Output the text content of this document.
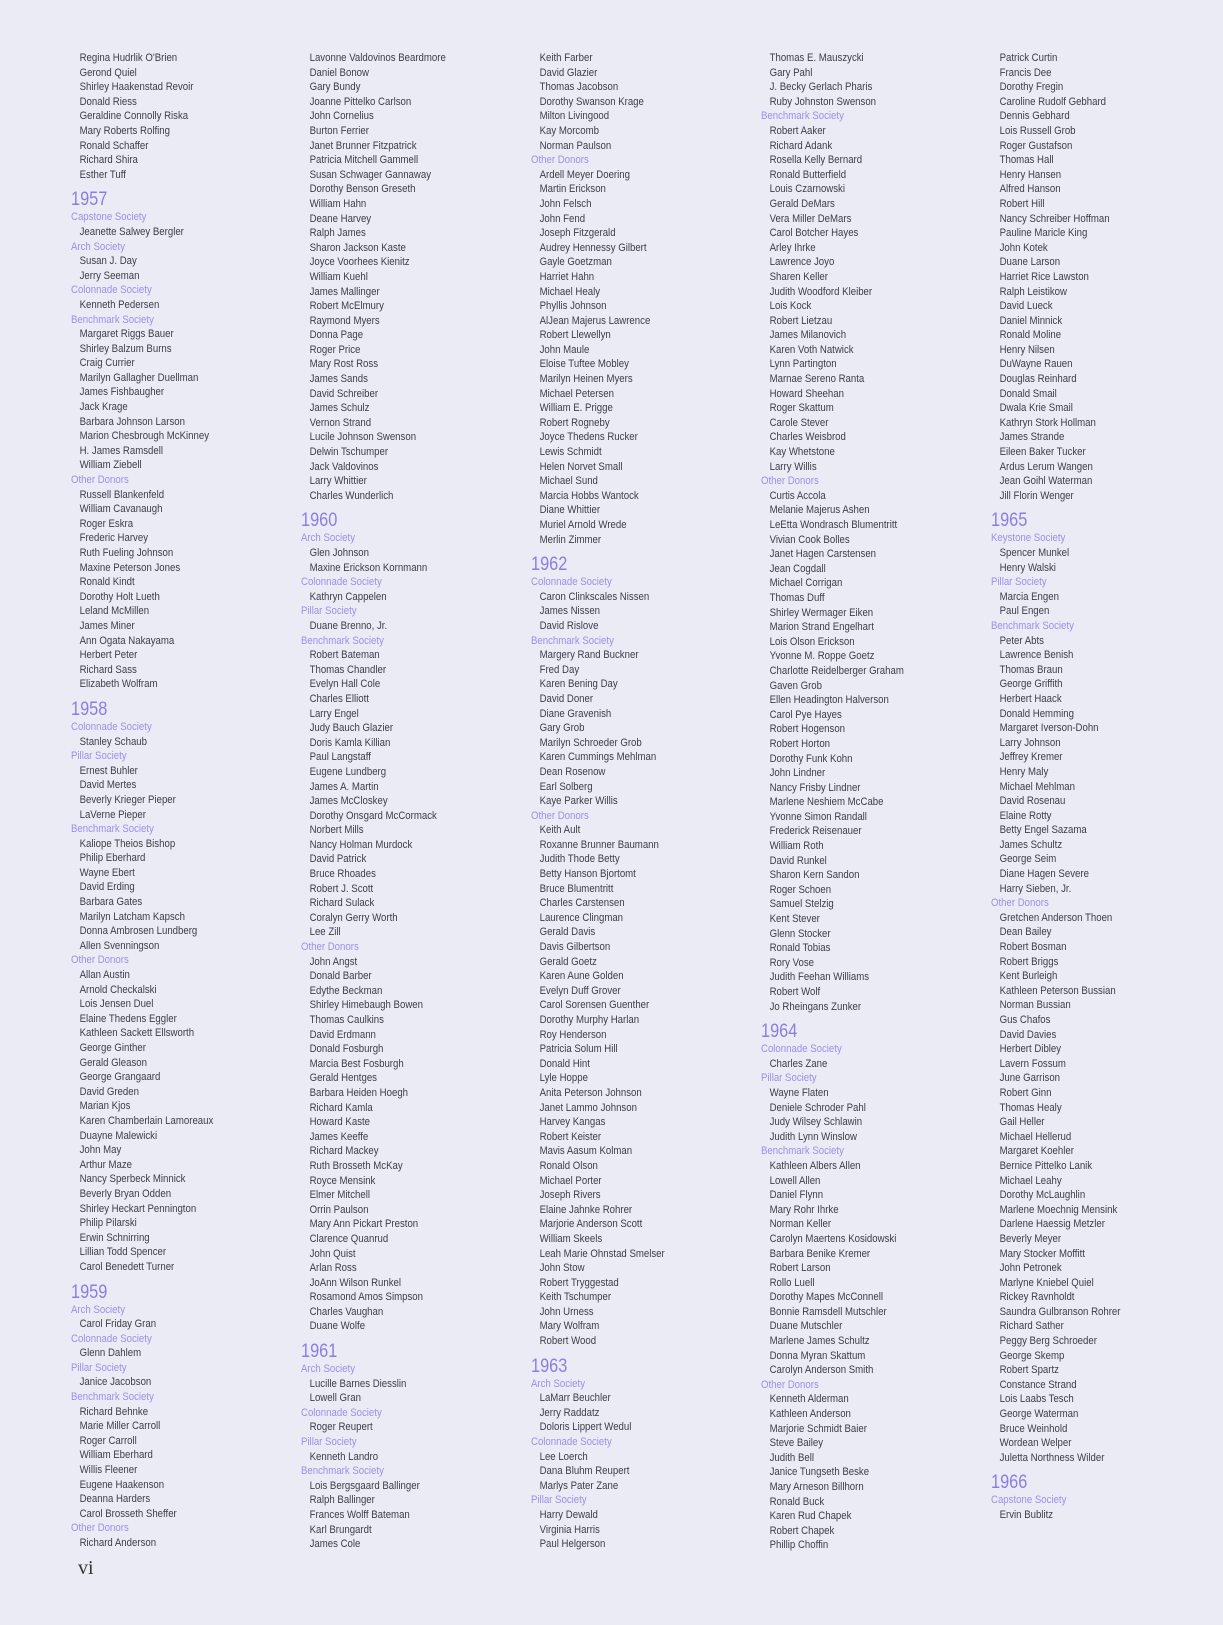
Regina Hudrlik O'Brien
Gerond Quiel
Shirley Haakenstad Revoir
Donald Riess
Geraldine Connolly Riska
Mary Roberts Rolfing
Ronald Schaffer
Richard Shira
Esther Tuff
1957
Capstone Society
Jeanette Salwey Bergler
Arch Society
Susan J. Day
Jerry Seeman
Colonnade Society
Kenneth Pedersen
Benchmark Society
Margaret Riggs Bauer
Shirley Balzum Burns
Craig Currier
Marilyn Gallagher Duellman
James Fishbaugher
Jack Krage
Barbara Johnson Larson
Marion Chesbrough McKinney
H. James Ramsdell
William Ziebell
Other Donors
Russell Blankenfeld
William Cavanaugh
Roger Eskra
Frederic Harvey
Ruth Fueling Johnson
Maxine Peterson Jones
Ronald Kindt
Dorothy Holt Lueth
Leland McMillen
James Miner
Ann Ogata Nakayama
Herbert Peter
Richard Sass
Elizabeth Wolfram
1958
Colonnade Society
Stanley Schaub
Pillar Society
Ernest Buhler
David Mertes
Beverly Krieger Pieper
LaVerne Pieper
Benchmark Society
Kaliope Theios Bishop
Philip Eberhard
Wayne Ebert
David Erding
Barbara Gates
Marilyn Latcham Kapsch
Donna Ambrosen Lundberg
Allen Svenningson
Other Donors
Allan Austin
Arnold Checkalski
Lois Jensen Duel
Elaine Thedens Eggler
Kathleen Sackett Ellsworth
George Ginther
Gerald Gleason
George Grangaard
David Greden
Marian Kjos
Karen Chamberlain Lamoreaux
Duayne Malewicki
John May
Arthur Maze
Nancy Sperbeck Minnick
Beverly Bryan Odden
Shirley Heckart Pennington
Philip Pilarski
Erwin Schnirring
Lillian Todd Spencer
Carol Benedett Turner
1959
Arch Society
Carol Friday Gran
Colonnade Society
Glenn Dahlem
Pillar Society
Janice Jacobson
Benchmark Society
Richard Behnke
Marie Miller Carroll
Roger Carroll
William Eberhard
Willis Fleener
Eugene Haakenson
Deanna Harders
Carol Brosseth Sheffer
Other Donors
Richard Anderson
Lavonne Valdovinos Beardmore
Daniel Bonow
Gary Bundy
Joanne Pittelko Carlson
John Cornelius
Burton Ferrier
Janet Brunner Fitzpatrick
Patricia Mitchell Gammell
Susan Schwager Gannaway
Dorothy Benson Greseth
William Hahn
Deane Harvey
Ralph James
Sharon Jackson Kaste
Joyce Voorhees Kienitz
William Kuehl
James Mallinger
Robert McElmury
Raymond Myers
Donna Page
Roger Price
Mary Rost Ross
James Sands
David Schreiber
James Schulz
Vernon Strand
Lucile Johnson Swenson
Delwin Tschumper
Jack Valdovinos
Larry Whittier
Charles Wunderlich
1960
Arch Society
Glen Johnson
Maxine Erickson Kornmann
Colonnade Society
Kathryn Cappelen
Pillar Society
Duane Brenno, Jr.
Benchmark Society
Robert Bateman
Thomas Chandler
Evelyn Hall Cole
Charles Elliott
Larry Engel
Judy Bauch Glazier
Doris Kamla Killian
Paul Langstaff
Eugene Lundberg
James A. Martin
James McCloskey
Dorothy Onsgard McCormack
Norbert Mills
Nancy Holman Murdock
David Patrick
Bruce Rhoades
Robert J. Scott
Richard Sulack
Coralyn Gerry Worth
Lee Zill
Other Donors
John Angst
Donald Barber
Edythe Beckman
Shirley Himebaugh Bowen
Thomas Caulkins
David Erdmann
Donald Fosburgh
Marcia Best Fosburgh
Gerald Hentges
Barbara Heiden Hoegh
Richard Kamla
Howard Kaste
James Keeffe
Richard Mackey
Ruth Brosseth McKay
Royce Mensink
Elmer Mitchell
Orrin Paulson
Mary Ann Pickart Preston
Clarence Quanrud
John Quist
Arlan Ross
JoAnn Wilson Runkel
Rosamond Amos Simpson
Charles Vaughan
Duane Wolfe
1961
Arch Society
Lucille Barnes Diesslin
Lowell Gran
Colonnade Society
Roger Reupert
Pillar Society
Kenneth Landro
Benchmark Society
Lois Bergsgaard Ballinger
Ralph Ballinger
Frances Wolff Bateman
Karl Brungardt
James Cole
Keith Farber
David Glazier
Thomas Jacobson
Dorothy Swanson Krage
Milton Livingood
Kay Morcomb
Norman Paulson
Other Donors
Ardell Meyer Doering
Martin Erickson
John Felsch
John Fend
Joseph Fitzgerald
Audrey Hennessy Gilbert
Gayle Goetzman
Harriet Hahn
Michael Healy
Phyllis Johnson
AlJean Majerus Lawrence
Robert Llewellyn
John Maule
Eloise Tuftee Mobley
Marilyn Heinen Myers
Michael Petersen
William E. Prigge
Robert Rogneby
Joyce Thedens Rucker
Lewis Schmidt
Helen Norvet Small
Michael Sund
Marcia Hobbs Wantock
Diane Whittier
Muriel Arnold Wrede
Merlin Zimmer
1962
Colonnade Society
Caron Clinkscales Nissen
James Nissen
David Rislove
Benchmark Society
Margery Rand Buckner
Fred Day
Karen Bening Day
David Doner
Diane Gravenish
Gary Grob
Marilyn Schroeder Grob
Karen Cummings Mehlman
Dean Rosenow
Earl Solberg
Kaye Parker Willis
Other Donors
Keith Ault
Roxanne Brunner Baumann
Judith Thode Betty
Betty Hanson Bjortomt
Bruce Blumentritt
Charles Carstensen
Laurence Clingman
Gerald Davis
Davis Gilbertson
Gerald Goetz
Karen Aune Golden
Evelyn Duff Grover
Carol Sorensen Guenther
Dorothy Murphy Harlan
Roy Henderson
Patricia Solum Hill
Donald Hint
Lyle Hoppe
Anita Peterson Johnson
Janet Lammo Johnson
Harvey Kangas
Robert Keister
Mavis Aasum Kolman
Ronald Olson
Michael Porter
Joseph Rivers
Elaine Jahnke Rohrer
Marjorie Anderson Scott
William Skeels
Leah Marie Ohnstad Smelser
John Stow
Robert Tryggestad
Keith Tschumper
John Urness
Mary Wolfram
Robert Wood
1963
Arch Society
LaMarr Beuchler
Jerry Raddatz
Doloris Lippert Wedul
Colonnade Society
Lee Loerch
Dana Bluhm Reupert
Marlys Pater Zane
Pillar Society
Harry Dewald
Virginia Harris
Paul Helgerson
Thomas E. Mauszycki
Gary Pahl
J. Becky Gerlach Pharis
Ruby Johnston Swenson
Benchmark Society
Robert Aaker
Richard Adank
Rosella Kelly Bernard
Ronald Butterfield
Louis Czarnowski
Gerald DeMars
Vera Miller DeMars
Carol Botcher Hayes
Arley Ihrke
Lawrence Joyo
Sharen Keller
Judith Woodford Kleiber
Lois Kock
Robert Lietzau
James Milanovich
Karen Voth Natwick
Lynn Partington
Marnae Sereno Ranta
Howard Sheehan
Roger Skattum
Carole Stever
Charles Weisbrod
Kay Whetstone
Larry Willis
Other Donors
Curtis Accola
Melanie Majerus Ashen
LeEtta Wondrasch Blumentritt
Vivian Cook Bolles
Janet Hagen Carstensen
Jean Cogdall
Michael Corrigan
Thomas Duff
Shirley Wermager Eiken
Marion Strand Engelhart
Lois Olson Erickson
Yvonne M. Roppe Goetz
Charlotte Reidelberger Graham
Gaven Grob
Ellen Headington Halverson
Carol Pye Hayes
Robert Hogenson
Robert Horton
Dorothy Funk Kohn
John Lindner
Nancy Frisby Lindner
Marlene Neshiem McCabe
Yvonne Simon Randall
Frederick Reisenauer
William Roth
David Runkel
Sharon Kern Sandon
Roger Schoen
Samuel Stelzig
Kent Stever
Glenn Stocker
Ronald Tobias
Rory Vose
Judith Feehan Williams
Robert Wolf
Jo Rheingans Zunker
1964
Colonnade Society
Charles Zane
Pillar Society
Wayne Flaten
Deniele Schroder Pahl
Judy Wilsey Schlawin
Judith Lynn Winslow
Benchmark Society
Kathleen Albers Allen
Lowell Allen
Daniel Flynn
Mary Rohr Ihrke
Norman Keller
Carolyn Maertens Kosidowski
Barbara Benike Kremer
Robert Larson
Rollo Luell
Dorothy Mapes McConnell
Bonnie Ramsdell Mutschler
Duane Mutschler
Marlene James Schultz
Donna Myran Skattum
Carolyn Anderson Smith
Other Donors
Kenneth Alderman
Kathleen Anderson
Marjorie Schmidt Baier
Steve Bailey
Judith Bell
Janice Tungseth Beske
Mary Arneson Billhorn
Ronald Buck
Karen Rud Chapek
Robert Chapek
Phillip Choffin
Patrick Curtin
Francis Dee
Dorothy Fregin
Caroline Rudolf Gebhard
Dennis Gebhard
Lois Russell Grob
Roger Gustafson
Thomas Hall
Henry Hansen
Alfred Hanson
Robert Hill
Nancy Schreiber Hoffman
Pauline Maricle King
John Kotek
Duane Larson
Harriet Rice Lawston
Ralph Leistikow
David Lueck
Daniel Minnick
Ronald Moline
Henry Nilsen
DuWayne Rauen
Douglas Reinhard
Donald Smail
Dwala Krie Smail
Kathryn Stork Hollman
James Strande
Eileen Baker Tucker
Ardus Lerum Wangen
Jean Goihl Waterman
Jill Florin Wenger
1965
Keystone Society
Spencer Munkel
Henry Walski
Pillar Society
Marcia Engen
Paul Engen
Benchmark Society
Peter Abts
Lawrence Benish
Thomas Braun
George Griffith
Herbert Haack
Donald Hemming
Margaret Iverson-Dohn
Larry Johnson
Jeffrey Kremer
Henry Maly
Michael Mehlman
David Rosenau
Elaine Rotty
Betty Engel Sazama
James Schultz
George Seim
Diane Hagen Severe
Harry Sieben, Jr.
Other Donors
Gretchen Anderson Thoen
Dean Bailey
Robert Bosman
Robert Briggs
Kent Burleigh
Kathleen Peterson Bussian
Norman Bussian
Gus Chafos
David Davies
Herbert Dibley
Lavern Fossum
June Garrison
Robert Ginn
Thomas Healy
Gail Heller
Michael Hellerud
Margaret Koehler
Bernice Pittelko Lanik
Michael Leahy
Dorothy McLaughlin
Marlene Moechnig Mensink
Darlene Haessig Metzler
Beverly Meyer
Mary Stocker Moffitt
John Petronek
Marlyne Kniebel Quiel
Rickey Ravnholdt
Saundra Gulbranson Rohrer
Richard Sather
Peggy Berg Schroeder
George Skemp
Robert Spartz
Constance Strand
Lois Laabs Tesch
George Waterman
Bruce Weinhold
Wordean Welper
Juletta Northness Wilder
1966
Capstone Society
Ervin Bublitz
vi
